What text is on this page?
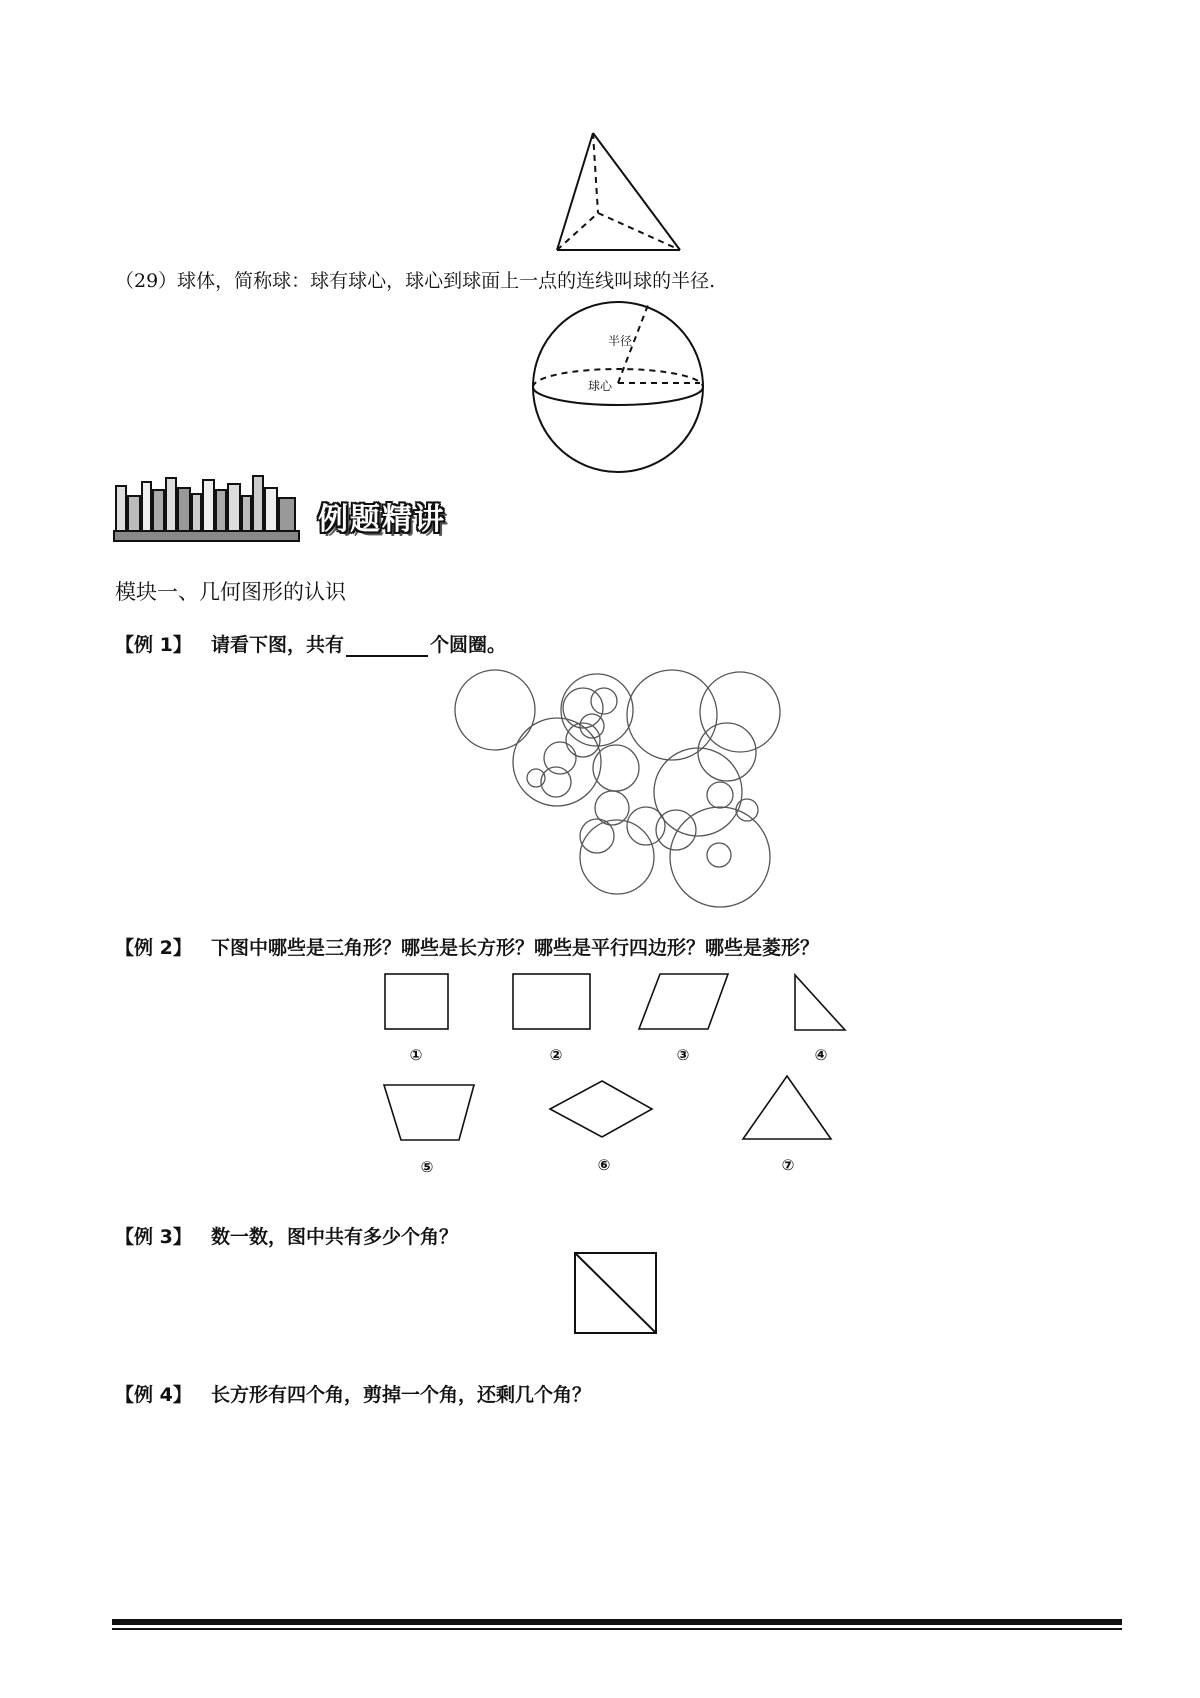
（29）球体，简称球：球有球心，球心到球面上一点的连线叫球的半径.
半径
球心
例题精讲
模块一、几何图形的认识
【例 1】 请看下图，共有	个圆圈。
【例 2】 下图中哪些是三角形？哪些是长方形？哪些是平行四边形？哪些是菱形？
①	②	③	④
⑤	⑥	⑦
【例 3】 数一数，图中共有多少个角？
【例 4】 长方形有四个角，剪掉一个角，还剩几个角？
